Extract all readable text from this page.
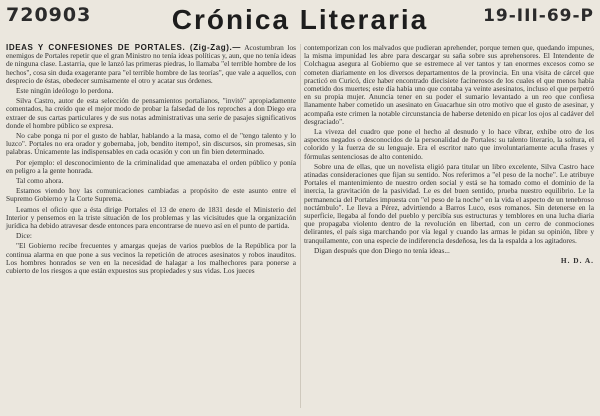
720903	Crónica Literaria	19-III-69-P

IDEAS Y CONFESIONES DE PORTALES. (Zig-Zag).— Acostumbran los enemigos de Portales repetir que el gran Ministro no tenía ideas políticas y, aun, que no tenía ideas de ninguna clase. Lastarria, que le lanzó las primeras piedras, lo llamaba "el terrible hombre de los hechos", cosa sin duda exagerante para "el terrible hombre de las teorías", que vale a aquellos, con desprecio de éstas, obedecer sumisamente el otro y acatar sus órdenes.

Este ningún ideólogo lo perdona.

Silva Castro, autor de esta selección de pensamientos portalianos, "invitó" apropiadamente comentados, ha creído que el mejor modo de probar la falsedad de los reproches a don Diego era extraer de sus cartas particulares y de sus notas administrativas una serie de pasajes significativos donde el hombre público se expresa.

No cabe ponga ni por el gusto de hablar, hablando a la masa, como el de "tengo talento y lo luzco". Portales no era orador y gobernaba, job, bendito itempo!, sin discursos, sin promesas, sin palabras. Únicamente las indispensables en cada ocasión y con un fin bien determinado.

Por ejemplo: el desconocimiento de la criminalidad que amenazaba el orden público y ponía en peligro a la gente honrada.

Tal como ahora.

Estamos viendo hoy las comunicaciones cambiadas a propósito de este asunto entre el Supremo Gobierno y la Corte Suprema.

Leamos el oficio que a ésta dirige Portales el 13 de enero de 1831 desde el Ministerio del Interior y pensemos en la triste situación de los problemas y las vicisitudes que la organización jurídica ha debido atravesar desde entonces para encontrarse de nuevo así en el punto de partida.

Dice:

"El Gobierno recibe frecuentes y amargas quejas de varios pueblos de la República por la continua alarma en que pone a sus vecinos la repetición de atroces asesinatos y robos inauditos. Los hombres honrados se ven en la necesidad de halagar a los malhechores para ponerse a cubierto de los riesgos a que están expuestos sus propiedades y sus vidas. Los jueces

contemporizan con los malvados que pudieran aprehender, porque temen que, quedando impunes, la misma impunidad les abre para descargar su saña sobre sus aprehensores. El Intendente de Colchagua asegura al Gobierno que se estremece al ver tantos y tan enormes excesos como se cometen diariamente en los diversos departamentos de la provincia. En una visita de cárcel que practicó en Curicó, dice haber encontrado diecisiete facinerosos de los cuales el que menos había cometido dos muertes; este día había uno que contaba ya veinte asesinatos, incluso el que perpetró en su propia mujer. Anuncia tener en su poder el sumario levantado a un reo que confiesa llanamente haber cometido un asesinato en Guacarhue sin otro motivo que el gusto de asesinar, y acompaña este crimen la notable circunstancia de haberse detenido en picar los ojos al cadáver del desgraciado".

La viveza del cuadro que pone el hecho al desnudo y lo hace vibrar, exhibe otro de los aspectos negados o desconocidos de la personalidad de Portales: su talento literario, la soltura, el colorido y la fuerza de su lenguaje. Era el escritor nato que involuntariamente acuña frases y fórmulas sentenciosas de alto contenido.

Sobre una de ellas, que un novelista eligió para titular un libro excelente, Silva Castro hace atinadas consideraciones que fijan su sentido. Nos referimos a "el peso de la noche". Le atribuye Portales el mantenimiento de nuestro orden social y está se ha tomado como el dominio de la inercia, la gravitación de la pasividad. Le es del buen sentido, prueba nuestro equilibrio. Le la permanencia del Portales impuesta con "el peso de la noche" en la vida el aspecto de un tenebroso noctámbulo". Le lleva a Pérez, advirtiendo a Barros Luco, esos romanos. Sin detenerse en la superficie, llegaba al fondo del pueblo y percibía sus estructuras y temblores en una lucha diaria que propagaba violento dentro de la revolución en libertad, con un cerro de conmociones delirantes, el país siga marchando por vía legal y cuando las armas le pidan su opinión, libre y tranquilamente, con una especie de indiferencia desdeñosa, les da la espalda a los agitadores.

Digan después que don Diego no tenía ideas...

H. D. A.
